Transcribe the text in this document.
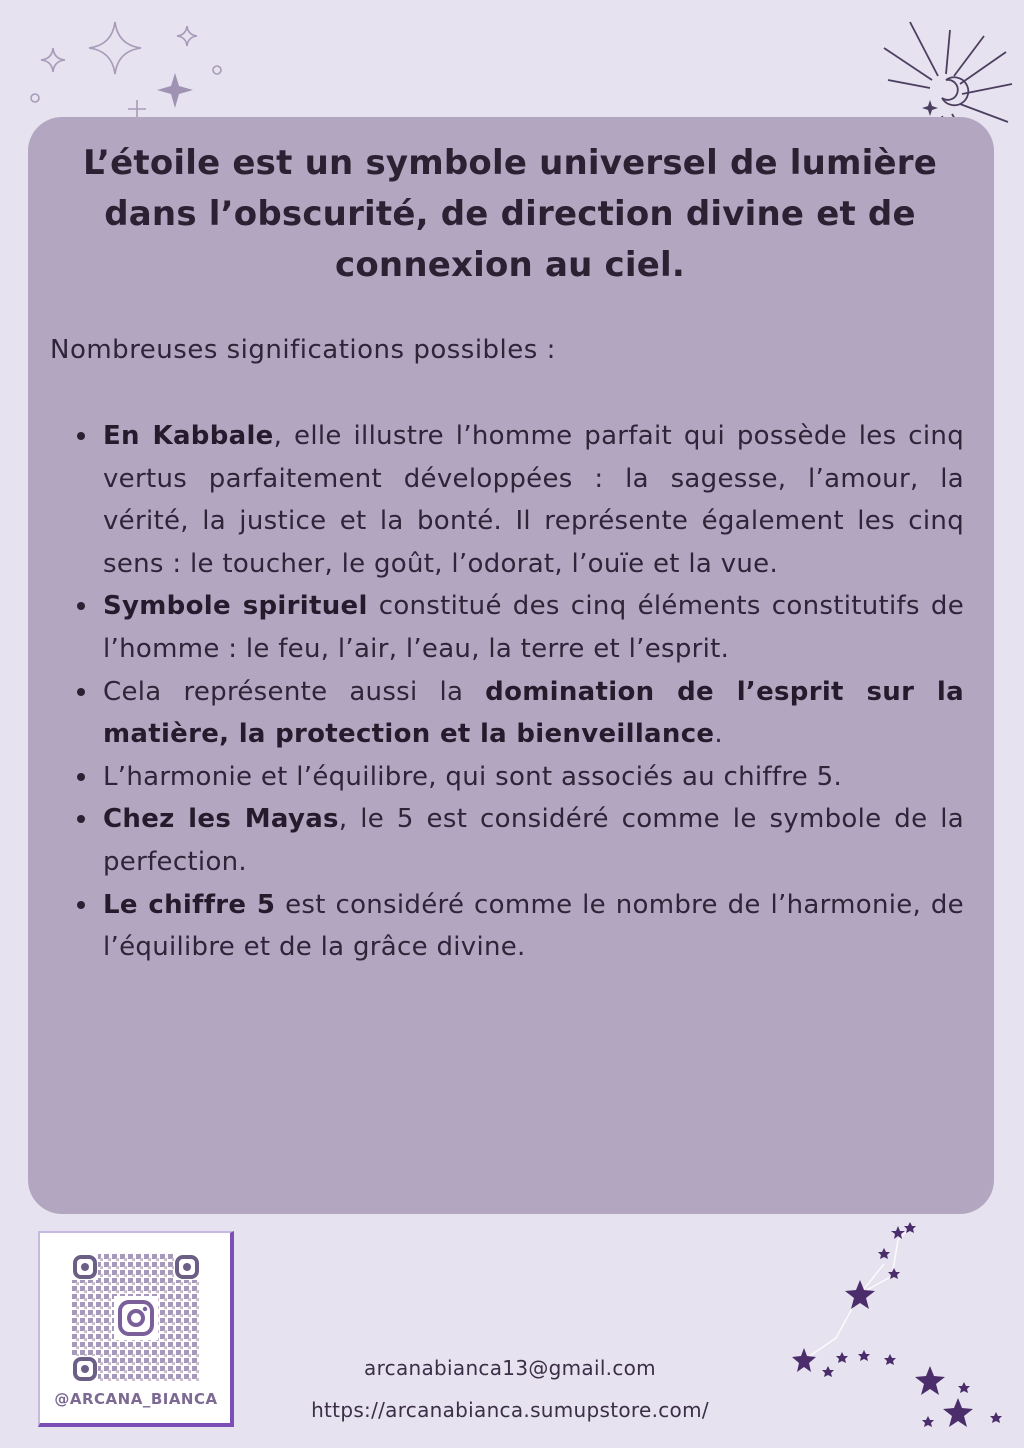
L’étoile est un symbole universel de lumière dans l’obscurité, de direction divine et de connexion au ciel.

Nombreuses significations possibles :

En Kabbale, elle illustre l’homme parfait qui possède les cinq vertus parfaitement développées : la sagesse, l’amour, la vérité, la justice et la bonté. Il représente également les cinq sens : le toucher, le goût, l’odorat, l’ouïe et la vue.
Symbole spirituel constitué des cinq éléments constitutifs de l’homme : le feu, l’air, l’eau, la terre et l’esprit.
Cela représente aussi la domination de l’esprit sur la matière, la protection et la bienveillance.
L’harmonie et l’équilibre, qui sont associés au chiffre 5.
Chez les Mayas, le 5 est considéré comme le symbole de la perfection.
Le chiffre 5 est considéré comme le nombre de l’harmonie, de l’équilibre et de la grâce divine.
@ARCANA_BIANCA
arcanabianca13@gmail.com
https://arcanabianca.sumupstore.com/
